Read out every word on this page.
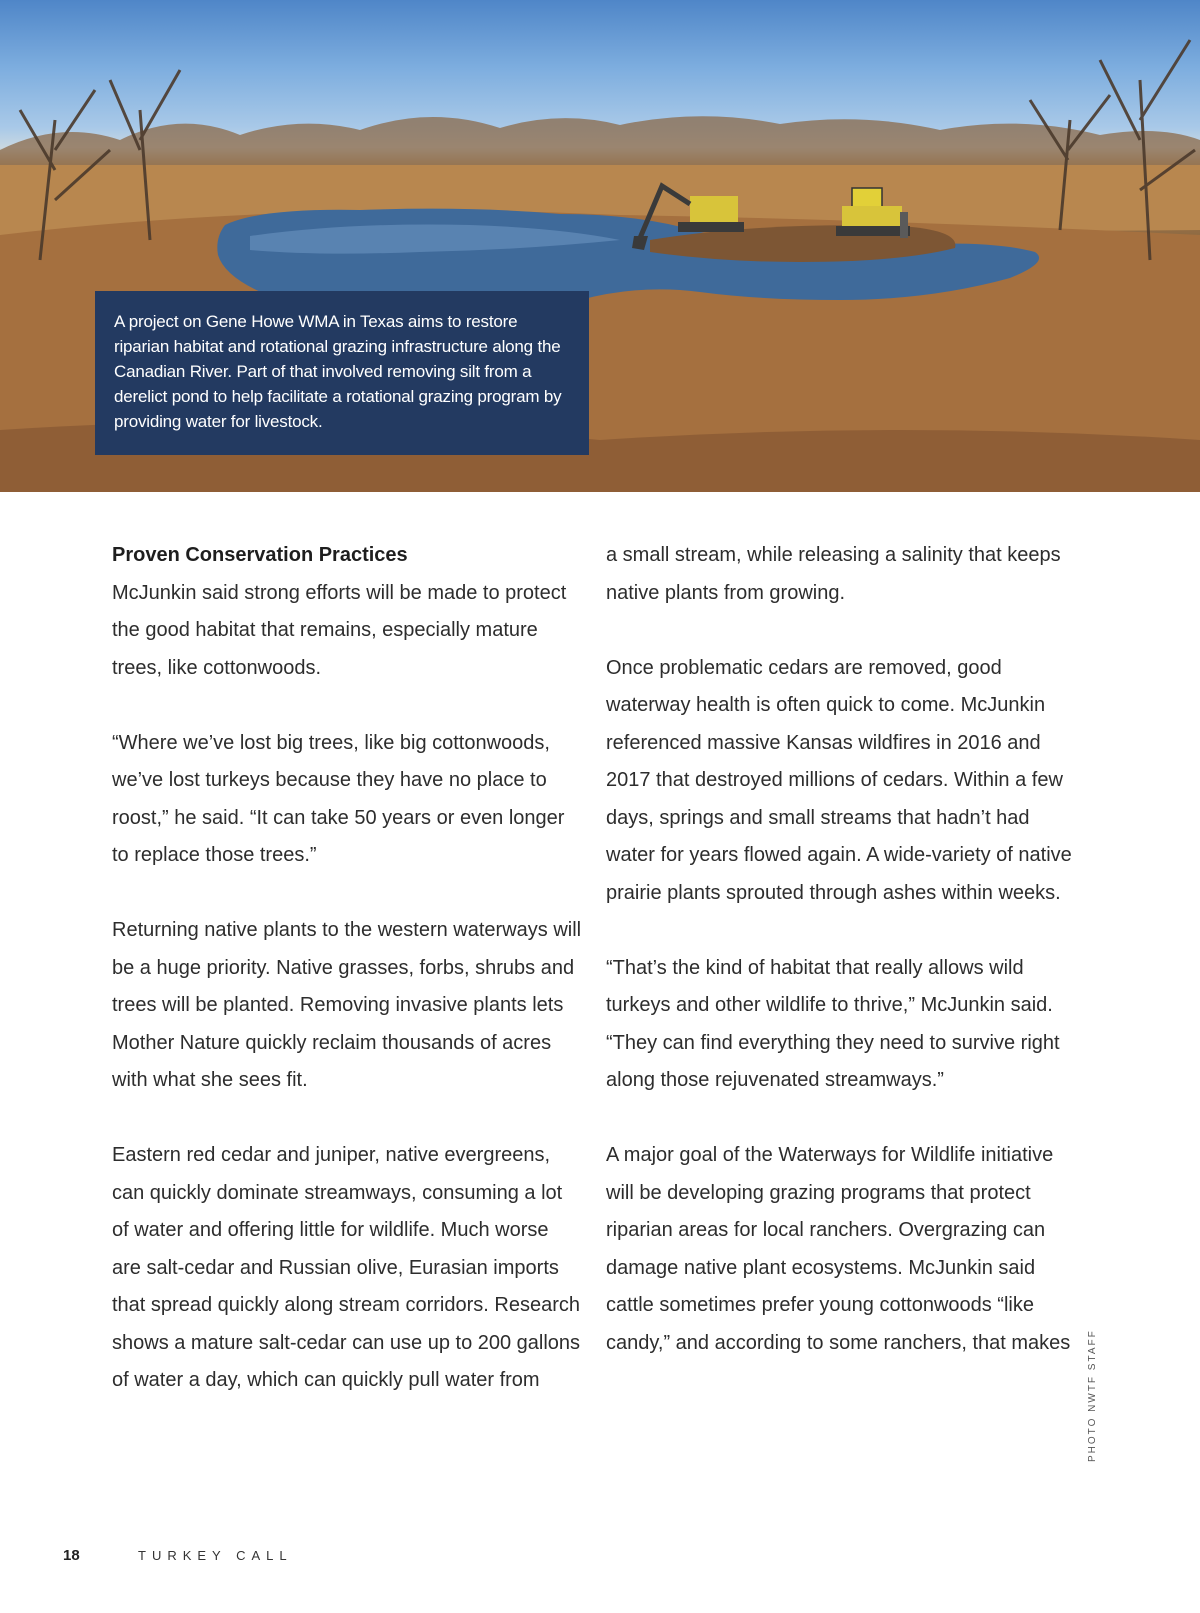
A project on Gene Howe WMA in Texas aims to restore riparian habitat and rotational grazing infrastructure along the Canadian River. Part of that involved removing silt from a derelict pond to help facilitate a rotational grazing program by providing water for livestock.
Proven Conservation Practices

McJunkin said strong efforts will be made to protect the good habitat that remains, especially mature trees, like cottonwoods.

“Where we’ve lost big trees, like big cottonwoods, we’ve lost turkeys because they have no place to roost,” he said. “It can take 50 years or even longer to replace those trees.”

Returning native plants to the western waterways will be a huge priority. Native grasses, forbs, shrubs and trees will be planted. Removing invasive plants lets Mother Nature quickly reclaim thousands of acres with what she sees fit.

Eastern red cedar and juniper, native evergreens, can quickly dominate streamways, consuming a lot of water and offering little for wildlife. Much worse are salt-cedar and Russian olive, Eurasian imports that spread quickly along stream corridors. Research shows a mature salt-cedar can use up to 200 gallons of water a day, which can quickly pull water from

a small stream, while releasing a salinity that keeps native plants from growing.

Once problematic cedars are removed, good waterway health is often quick to come. McJunkin referenced massive Kansas wildfires in 2016 and 2017 that destroyed millions of cedars. Within a few days, springs and small streams that hadn’t had water for years flowed again. A wide-variety of native prairie plants sprouted through ashes within weeks.

“That’s the kind of habitat that really allows wild turkeys and other wildlife to thrive,” McJunkin said. “They can find everything they need to survive right along those rejuvenated streamways.”

A major goal of the Waterways for Wildlife initiative will be developing grazing programs that protect riparian areas for local ranchers. Overgrazing can damage native plant ecosystems. McJunkin said cattle sometimes prefer young cottonwoods “like candy,” and according to some ranchers, that makes	PHOTO NWTF STAFF
18	TURKEY CALL
